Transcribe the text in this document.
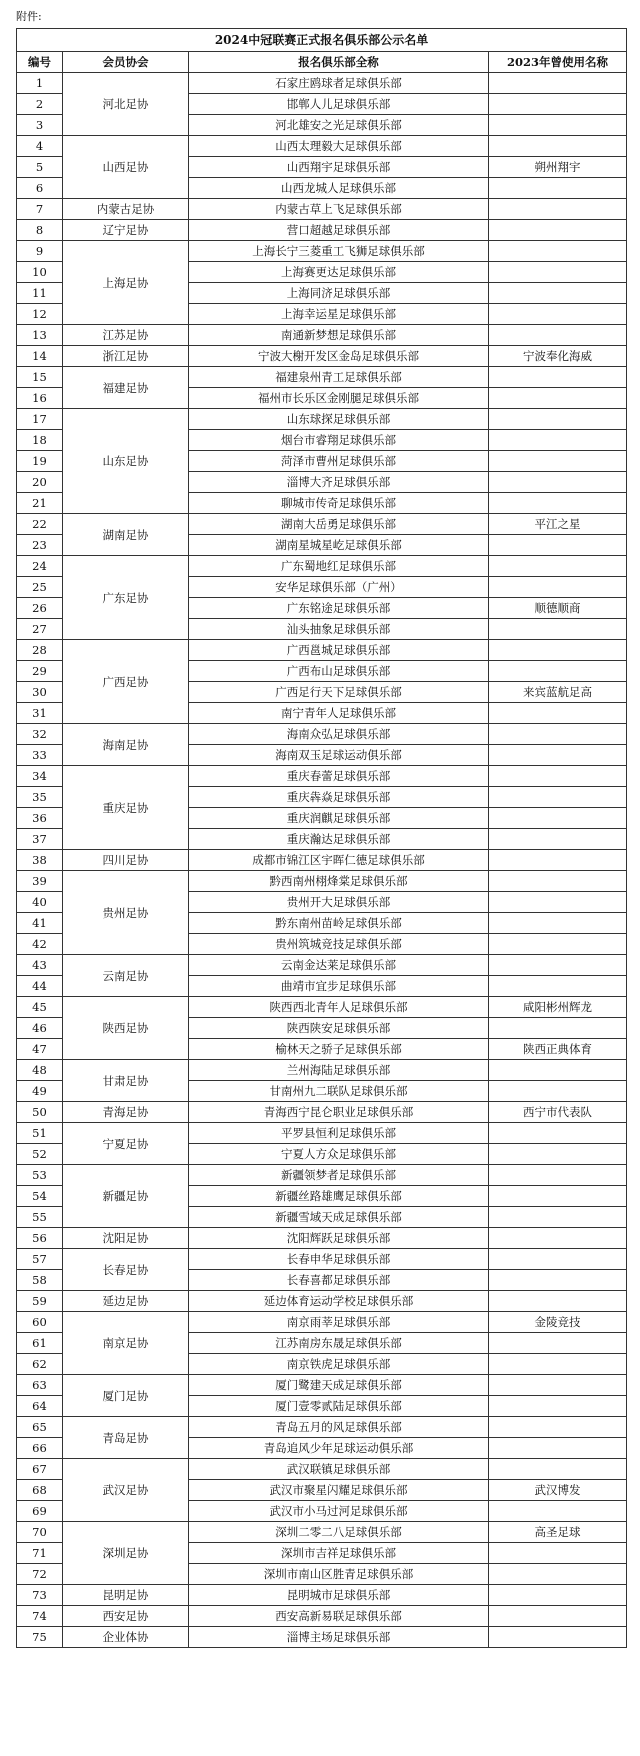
附件:
2024中冠联赛正式报名俱乐部公示名单			
编号	会员协会	报名俱乐部全称	2023年曾使用名称
1	河北足协	石家庄鸥球者足球俱乐部	
2		邯郸人儿足球俱乐部	
3		河北雄安之光足球俱乐部	
4	山西足协	山西太理毅大足球俱乐部	
5		山西翔宇足球俱乐部	朔州翔宇
6		山西龙城人足球俱乐部	
7	内蒙古足协	内蒙古草上飞足球俱乐部	
8	辽宁足协	营口超越足球俱乐部	
9	上海足协	上海长宁三菱重工飞狮足球俱乐部	
10		上海赛更达足球俱乐部	
11		上海同济足球俱乐部	
12		上海幸运星足球俱乐部	
13	江苏足协	南通新梦想足球俱乐部	
14	浙江足协	宁波大榭开发区金岛足球俱乐部	宁波奉化海威
15	福建足协	福建泉州青工足球俱乐部	
16		福州市长乐区金刚腿足球俱乐部	
17	山东足协	山东球探足球俱乐部	
18		烟台市睿翔足球俱乐部	
19		菏泽市曹州足球俱乐部	
20		淄博大齐足球俱乐部	
21		聊城市传奇足球俱乐部	
22	湖南足协	湖南大岳勇足球俱乐部	平江之星
23		湖南星城星屹足球俱乐部	
24	广东足协	广东蜀地红足球俱乐部	
25		安华足球俱乐部（广州）	
26		广东铭途足球俱乐部	顺德顺商
27		汕头抽象足球俱乐部	
28	广西足协	广西邕城足球俱乐部	
29		广西布山足球俱乐部	
30		广西足行天下足球俱乐部	来宾蓝航足高
31		南宁青年人足球俱乐部	
32	海南足协	海南众弘足球俱乐部	
33		海南双玉足球运动俱乐部	
34	重庆足协	重庆春蕾足球俱乐部	
35		重庆犇焱足球俱乐部	
36		重庆润麒足球俱乐部	
37		重庆瀚达足球俱乐部	
38	四川足协	成都市锦江区宇晖仁德足球俱乐部	
39	贵州足协	黔西南州栩烽棠足球俱乐部	
40		贵州开大足球俱乐部	
41		黔东南州苗岭足球俱乐部	
42		贵州筑城竞技足球俱乐部	
43	云南足协	云南金达莱足球俱乐部	
44		曲靖市宜步足球俱乐部	
45	陕西足协	陕西西北青年人足球俱乐部	咸阳彬州辉龙
46		陕西陕安足球俱乐部	
47		榆林天之骄子足球俱乐部	陕西正典体育
48	甘肃足协	兰州海陆足球俱乐部	
49		甘南州九二联队足球俱乐部	
50	青海足协	青海西宁昆仑职业足球俱乐部	西宁市代表队
51	宁夏足协	平罗县恒利足球俱乐部	
52		宁夏人方众足球俱乐部	
53	新疆足协	新疆领梦者足球俱乐部	
54		新疆丝路雄鹰足球俱乐部	
55		新疆雪域天成足球俱乐部	
56	沈阳足协	沈阳辉跃足球俱乐部	
57	长春足协	长春申华足球俱乐部	
58		长春喜都足球俱乐部	
59	延边足协	延边体育运动学校足球俱乐部	
60	南京足协	南京雨莘足球俱乐部	金陵竞技
61		江苏南房东晟足球俱乐部	
62		南京铁虎足球俱乐部	
63	厦门足协	厦门鹭建天成足球俱乐部	
64		厦门壹零贰陆足球俱乐部	
65	青岛足协	青岛五月的风足球俱乐部	
66		青岛追风少年足球运动俱乐部	
67	武汉足协	武汉联镇足球俱乐部	
68		武汉市聚星闪耀足球俱乐部	武汉博发
69		武汉市小马过河足球俱乐部	
70	深圳足协	深圳二零二八足球俱乐部	高圣足球
71		深圳市吉祥足球俱乐部	
72		深圳市南山区胜青足球俱乐部	
73	昆明足协	昆明城市足球俱乐部	
74	西安足协	西安高新易联足球俱乐部	
75	企业体协	淄博主场足球俱乐部	
